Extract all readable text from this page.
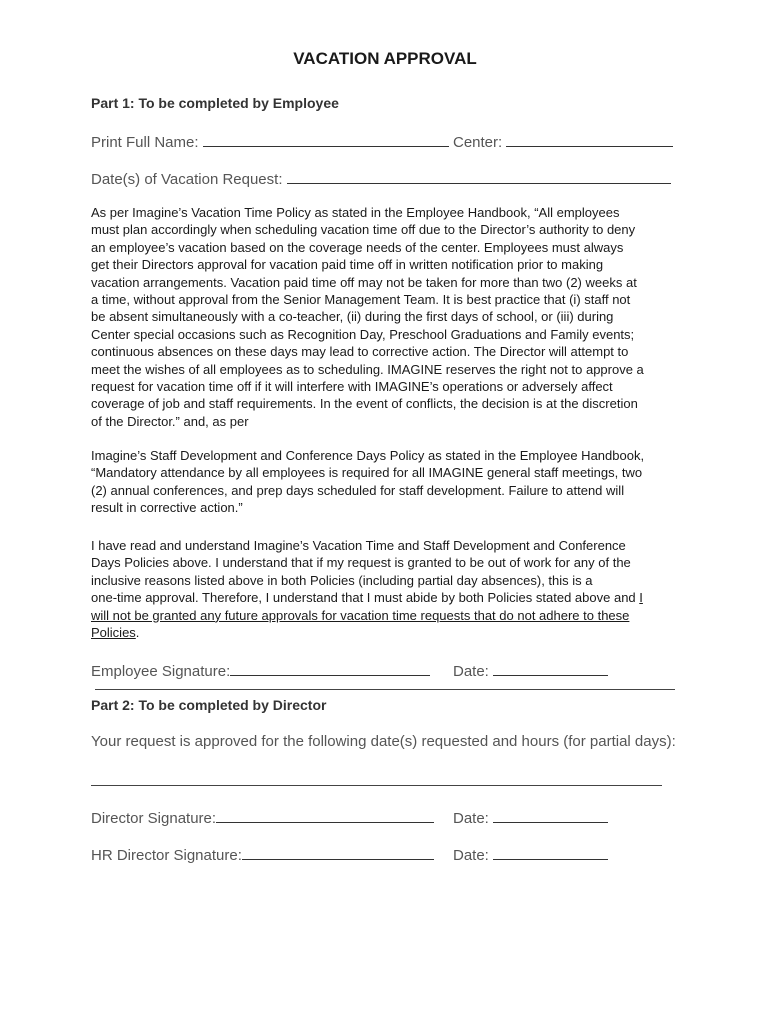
VACATION APPROVAL
Part 1: To be completed by Employee
Print Full Name:	Center:
Date(s) of Vacation Request:
As per Imagine’s Vacation Time Policy as stated in the Employee Handbook, “All employees
must plan accordingly when scheduling vacation time off due to the Director’s authority to deny
an employee’s vacation based on the coverage needs of the center. Employees must always
get their Directors approval for vacation paid time off in written notification prior to making
vacation arrangements. Vacation paid time off may not be taken for more than two (2) weeks at
a time, without approval from the Senior Management Team. It is best practice that (i) staff not
be absent simultaneously with a co-teacher, (ii) during the first days of school, or (iii) during
Center special occasions such as Recognition Day, Preschool Graduations and Family events;
continuous absences on these days may lead to corrective action. The Director will attempt to
meet the wishes of all employees as to scheduling. IMAGINE reserves the right not to approve a
request for vacation time off if it will interfere with IMAGINE’s operations or adversely affect
coverage of job and staff requirements. In the event of conflicts, the decision is at the discretion
of the Director.” and, as per
Imagine’s Staff Development and Conference Days Policy as stated in the Employee Handbook,
“Mandatory attendance by all employees is required for all IMAGINE general staff meetings, two
(2) annual conferences, and prep days scheduled for staff development. Failure to attend will
result in corrective action.”
I have read and understand Imagine’s Vacation Time and Staff Development and Conference
Days Policies above. I understand that if my request is granted to be out of work for any of the
inclusive reasons listed above in both Policies (including partial day absences), this is a
one-time approval. Therefore, I understand that I must abide by both Policies stated above and I
will not be granted any future approvals for vacation time requests that do not adhere to these
Policies.
Employee Signature:	Date:
Part 2: To be completed by Director
Your request is approved for the following date(s) requested and hours (for partial days):
Director Signature:	Date:
HR Director Signature:	Date:
